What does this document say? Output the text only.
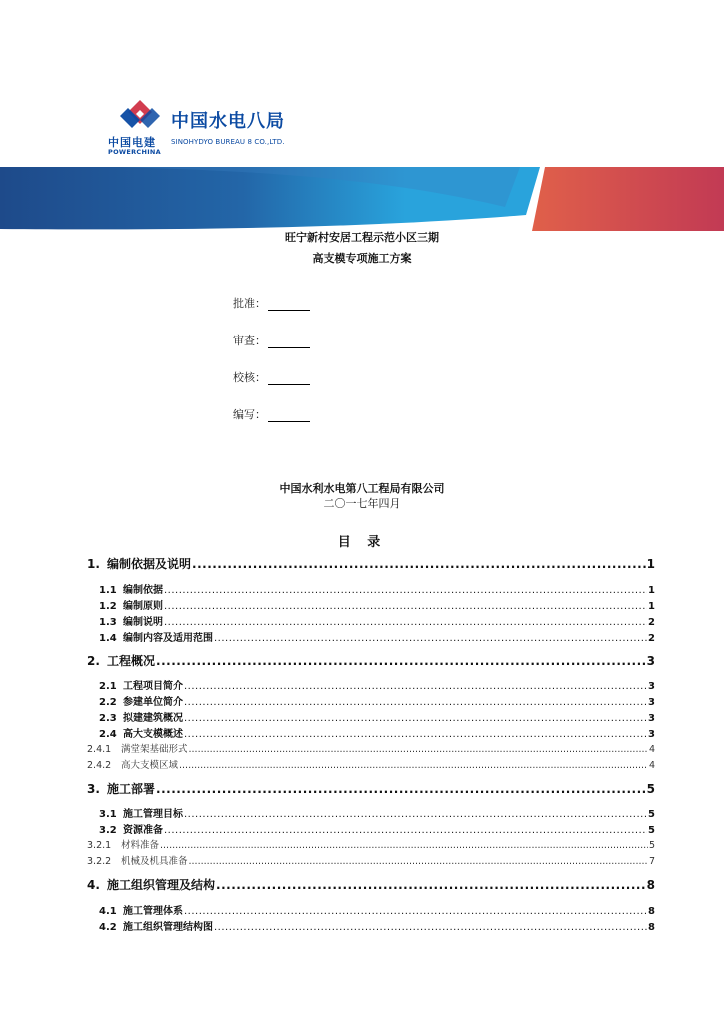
中国电建
POWERCHINA
中国水电八局
SINOHYDYO BUREAU 8 CO.,LTD.
旺宁新村安居工程示范小区三期
高支模专项施工方案
批准：
审查：
校核：
编写：
中国水利水电第八工程局有限公司
二〇一七年四月
目 录
1. 编制依据及说明 .....	1
1.1 编制依据 .....	1
1.2 编制原则 .....	1
1.3 编制说明 .....	2
1.4 编制内容及适用范围 .....	2
2. 工程概况 .....	3
2.1 工程项目简介 .....	3
2.2 参建单位简介 .....	3
2.3 拟建建筑概况 .....	3
2.4 高大支模概述 .....	3
2.4.1 满堂架基础形式 .....	4
2.4.2 高大支模区域 .....	4
3. 施工部署 .....	5
3.1 施工管理目标 .....	5
3.2 资源准备 .....	5
3.2.1 材料准备 .....	5
3.2.2 机械及机具准备 .....	7
4. 施工组织管理及结构 .....	8
4.1 施工管理体系 .....	8
4.2 施工组织管理结构图 .....	8
